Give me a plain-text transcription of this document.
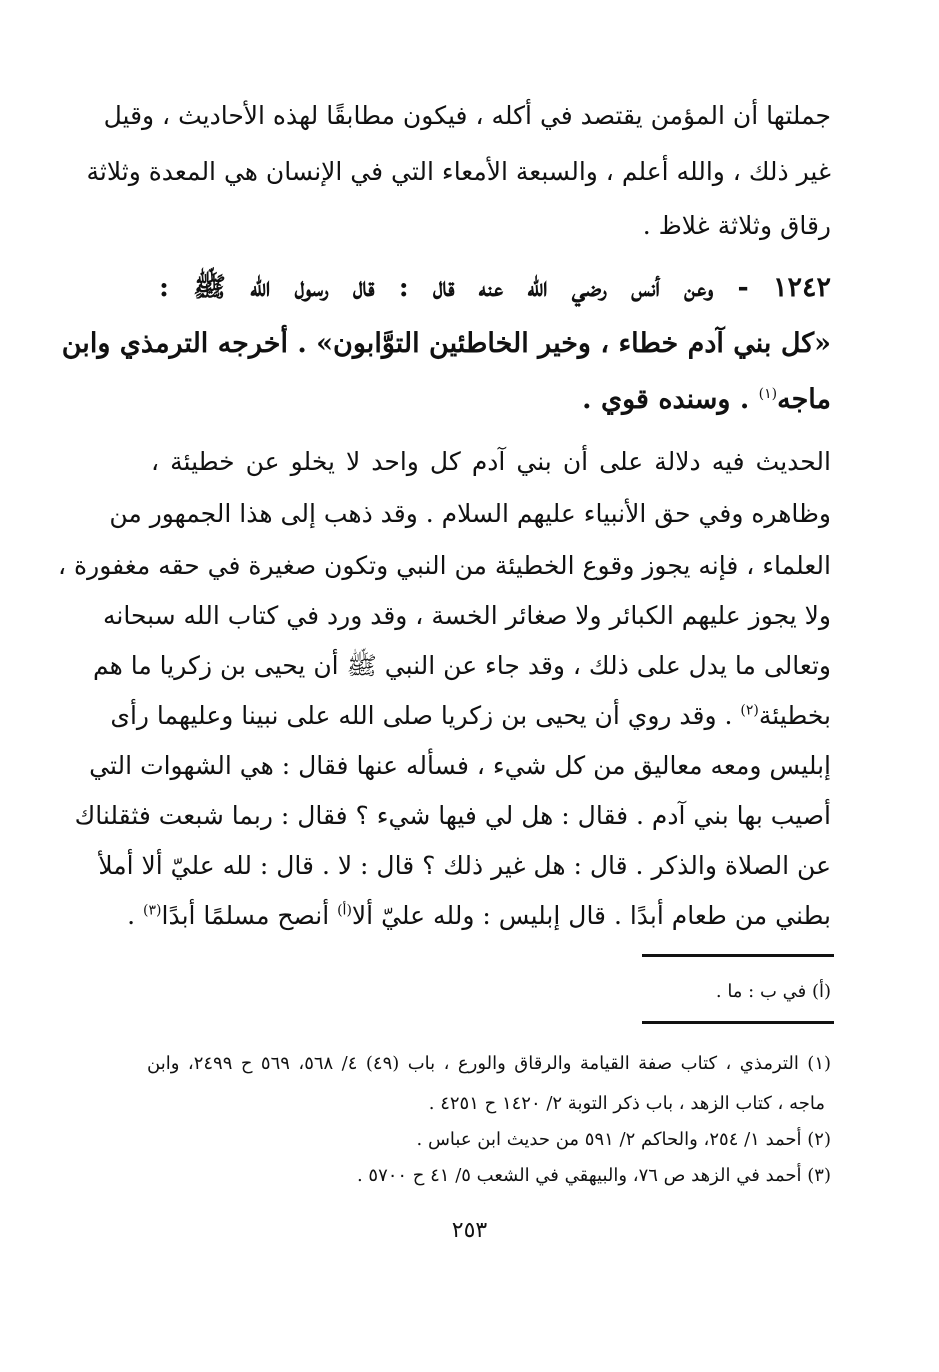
جملتها أن المؤمن يقتصد في أكله ، فيكون مطابقًا لهذه الأحاديث ، وقيل
غير ذلك ، والله أعلم ، والسبعة الأمعاء التي في الإنسان هي المعدة وثلاثة
رقاق وثلاثة غلاظ .
١٢٤٢ - وعن أنس رضي الله عنه قال : قال رسول الله ﷺ :
«كل بني آدم خطاء ، وخير الخاطئين التوَّابون» . أخرجه الترمذي وابن
ماجه$^{(١)}$ . وسنده قوي .
الحديث فيه دلالة على أن بني آدم كل واحد لا يخلو عن خطيئة ،
وظاهره وفي حق الأنبياء عليهم السلام . وقد ذهب إلى هذا الجمهور من
العلماء ، فإنه يجوز وقوع الخطيئة من النبي وتكون صغيرة في حقه مغفورة ،
ولا يجوز عليهم الكبائر ولا صغائر الخسة ، وقد ورد في كتاب الله سبحانه
وتعالى ما يدل على ذلك ، وقد جاء عن النبي ﷺ أن يحيى بن زكريا ما هم
بخطيئة$^{(٢)}$ . وقد روي أن يحيى بن زكريا صلى الله على نبينا وعليهما رأى
إبليس ومعه معاليق من كل شيء ، فسأله عنها فقال : هي الشهوات التي
أصيب بها بني آدم . فقال : هل لي فيها شيء ؟ فقال : ربما شبعت فثقلناك
عن الصلاة والذكر . قال : هل غير ذلك ؟ قال : لا . قال : لله عليّ ألا أملأ
بطني من طعام أبدًا . قال إبليس : ولله عليّ ألا$^{(أ)}$ أنصح مسلمًا أبدًا$^{(٣)}$ .
(أ) في ب : ما .
(١) الترمذي ، كتاب صفة القيامة والرقاق والورع ، باب (٤٩) ٤/ ٥٦٨، ٥٦٩ ح ٢٤٩٩، وابن
ماجه ، كتاب الزهد ، باب ذكر التوبة ٢/ ١٤٢٠ ح ٤٢٥١ .
(٢) أحمد ١/ ٢٥٤، والحاكم ٢/ ٥٩١ من حديث ابن عباس .
(٣) أحمد في الزهد ص ٧٦، والبيهقي في الشعب ٥/ ٤١ ح ٥٧٠٠ .
٢٥٣
